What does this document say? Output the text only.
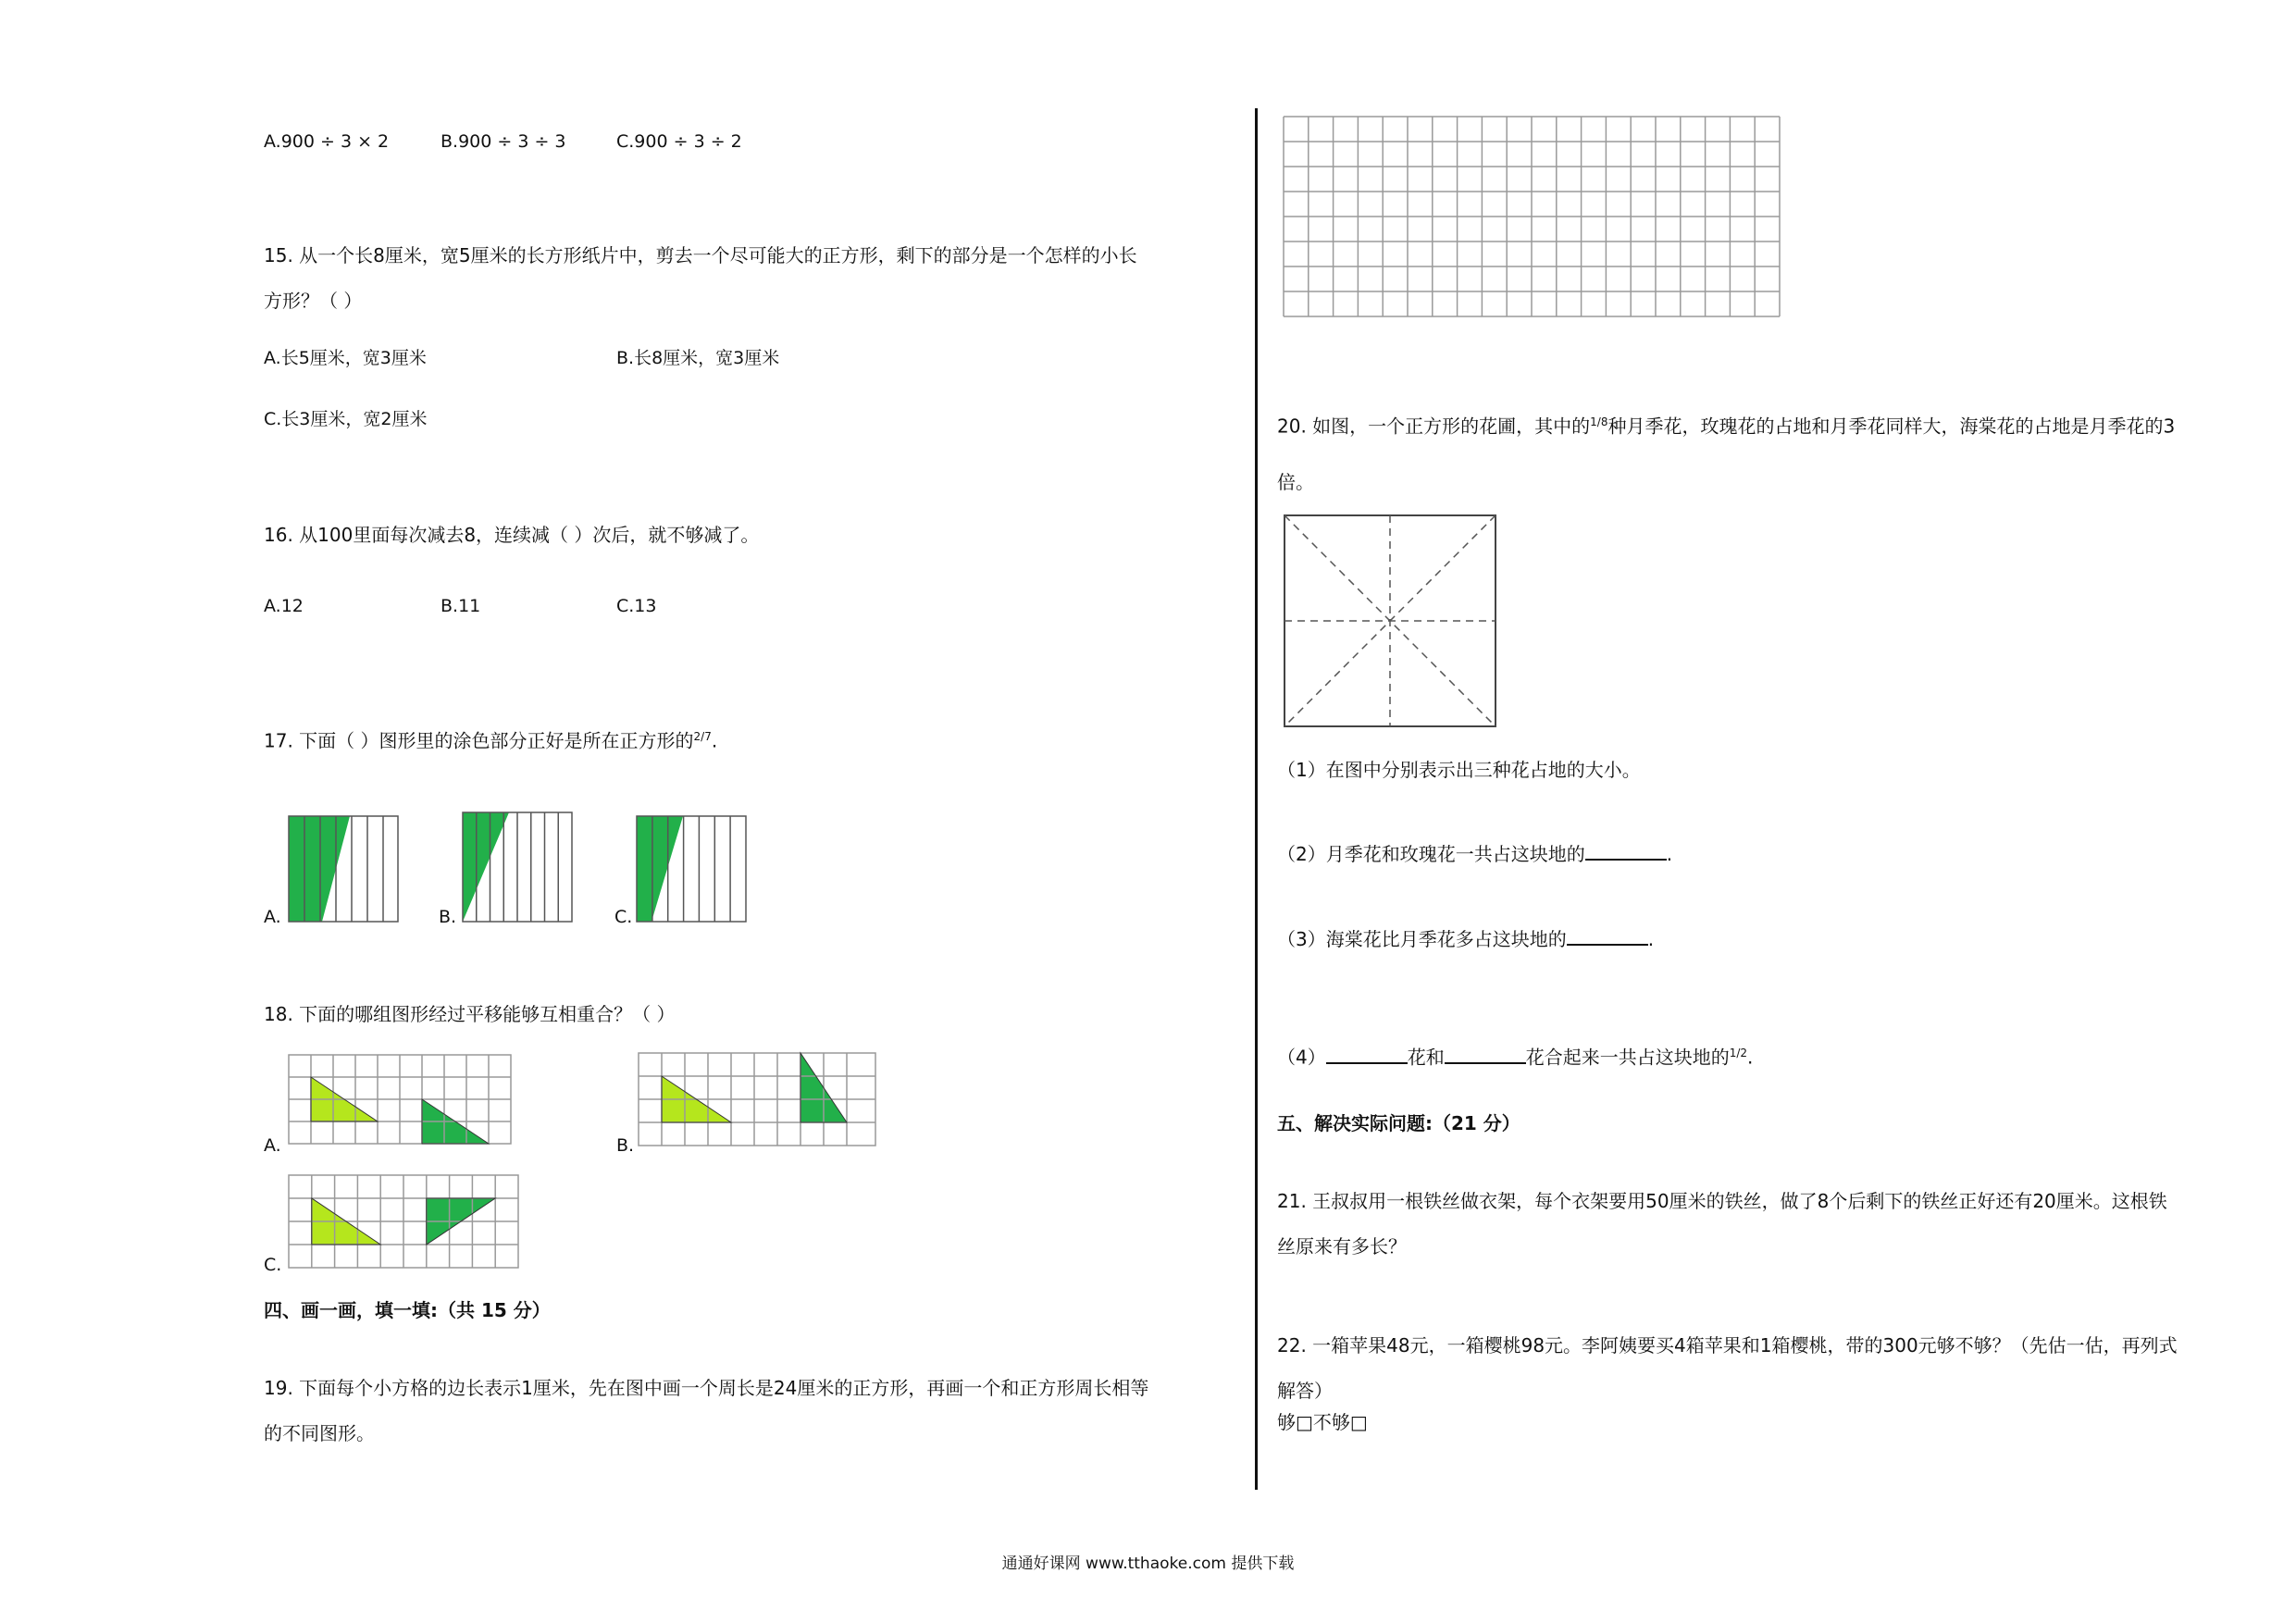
A.900 ÷ 3 × 2	B.900 ÷ 3 ÷ 3	C.900 ÷ 3 ÷ 2
15. 从一个长8厘米，宽5厘米的长方形纸片中，剪去一个尽可能大的正方形，剩下的部分是一个怎样的小长
方形？（ ）
A.长5厘米，宽3厘米	B.长8厘米，宽3厘米
C.长3厘米，宽2厘米
16. 从100里面每次减去8，连续减（ ）次后，就不够减了。
A.12	B.11	C.13
17. 下面（ ）图形里的涂色部分正好是所在正方形的$^{2/7}$.
A.	B.	C.
18. 下面的哪组图形经过平移能够互相重合？（ ）
A.	B.
C.
四、画一画，填一填:（共 15 分）
19. 下面每个小方格的边长表示1厘米，先在图中画一个周长是24厘米的正方形，再画一个和正方形周长相等
的不同图形。
20. 如图，一个正方形的花圃，其中的$^{1/8}$种月季花，玫瑰花的占地和月季花同样大，海棠花的占地是月季花的3
倍。
（1）在图中分别表示出三种花占地的大小。
（2）月季花和玫瑰花一共占这块地的	.
（3）海棠花比月季花多占这块地的	.
（4）	花和	花合起来一共占这块地的$^{1/2}$.
五、解决实际问题:（21 分）
21. 王叔叔用一根铁丝做衣架，每个衣架要用50厘米的铁丝，做了8个后剩下的铁丝正好还有20厘米。这根铁
丝原来有多长？
22. 一箱苹果48元，一箱樱桃98元。李阿姨要买4箱苹果和1箱樱桃，带的300元够不够？（先估一估，再列式
解答）
够□不够□
通通好课网 www.tthaoke.com 提供下载
